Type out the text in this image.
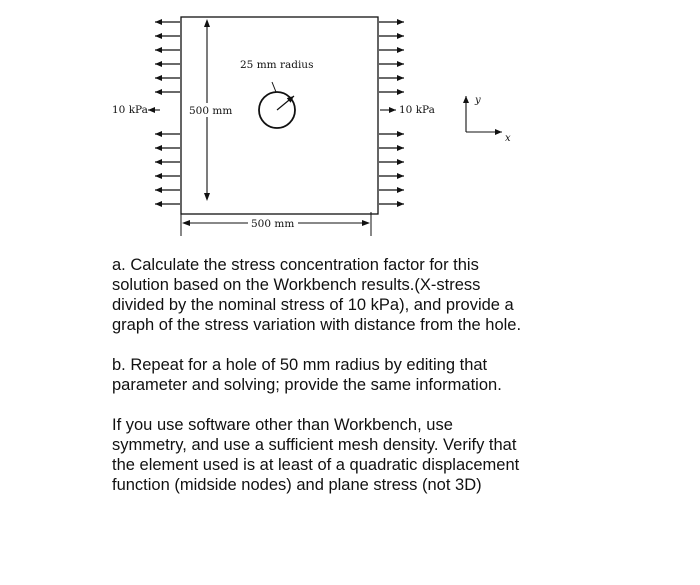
25 mm radius
500 mm
10 kPa	10 kPa
y
x
500 mm

a. Calculate the stress concentration factor for this
solution based on the Workbench results.(X-stress
divided by the nominal stress of 10 kPa), and provide a
graph of the stress variation with distance from the hole.

b. Repeat for a hole of 50 mm radius by editing that
parameter and solving; provide the same information.

If you use software other than Workbench, use
symmetry, and use a sufficient mesh density. Verify that
the element used is at least of a quadratic displacement
function (midside nodes) and plane stress (not 3D)
